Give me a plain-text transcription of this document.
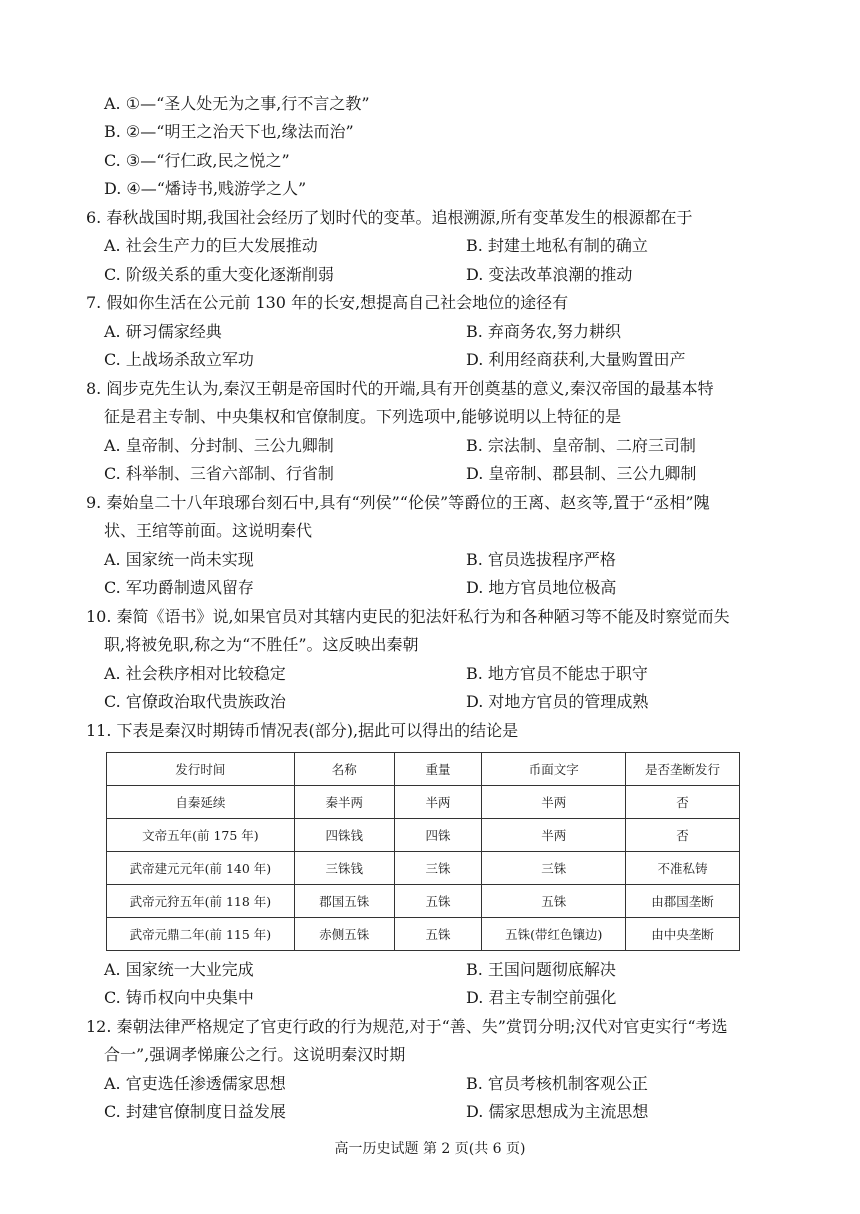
A. ①—“圣人处无为之事,行不言之教”
B. ②—“明王之治天下也,缘法而治”
C. ③—“行仁政,民之悦之”
D. ④—“燔诗书,贱游学之人”
6. 春秋战国时期,我国社会经历了划时代的变革。追根溯源,所有变革发生的根源都在于
A. 社会生产力的巨大发展推动	B. 封建土地私有制的确立
C. 阶级关系的重大变化逐渐削弱	D. 变法改革浪潮的推动
7. 假如你生活在公元前 130 年的长安,想提高自己社会地位的途径有
A. 研习儒家经典	B. 弃商务农,努力耕织
C. 上战场杀敌立军功	D. 利用经商获利,大量购置田产
8. 阎步克先生认为,秦汉王朝是帝国时代的开端,具有开创奠基的意义,秦汉帝国的最基本特
征是君主专制、中央集权和官僚制度。下列选项中,能够说明以上特征的是
A. 皇帝制、分封制、三公九卿制	B. 宗法制、皇帝制、二府三司制
C. 科举制、三省六部制、行省制	D. 皇帝制、郡县制、三公九卿制
9. 秦始皇二十八年琅琊台刻石中,具有“列侯”“伦侯”等爵位的王离、赵亥等,置于“丞相”隗
状、王绾等前面。这说明秦代
A. 国家统一尚未实现	B. 官员选拔程序严格
C. 军功爵制遗风留存	D. 地方官员地位极高
10. 秦简《语书》说,如果官员对其辖内吏民的犯法奸私行为和各种陋习等不能及时察觉而失
职,将被免职,称之为“不胜任”。这反映出秦朝
A. 社会秩序相对比较稳定	B. 地方官员不能忠于职守
C. 官僚政治取代贵族政治	D. 对地方官员的管理成熟
11. 下表是秦汉时期铸币情况表(部分),据此可以得出的结论是
发行时间	名称	重量	币面文字	是否垄断发行
自秦延续	秦半两	半两	半两	否
文帝五年(前 175 年)	四铢钱	四铢	半两	否
武帝建元元年(前 140 年)	三铢钱	三铢	三铢	不准私铸
武帝元狩五年(前 118 年)	郡国五铢	五铢	五铢	由郡国垄断
武帝元鼎二年(前 115 年)	赤侧五铢	五铢	五铢(带红色镶边)	由中央垄断
A. 国家统一大业完成	B. 王国问题彻底解决
C. 铸币权向中央集中	D. 君主专制空前强化
12. 秦朝法律严格规定了官吏行政的行为规范,对于“善、失”赏罚分明;汉代对官吏实行“考选
合一”,强调孝悌廉公之行。这说明秦汉时期
A. 官吏选任渗透儒家思想	B. 官员考核机制客观公正
C. 封建官僚制度日益发展	D. 儒家思想成为主流思想
高一历史试题 第 2 页(共 6 页)
